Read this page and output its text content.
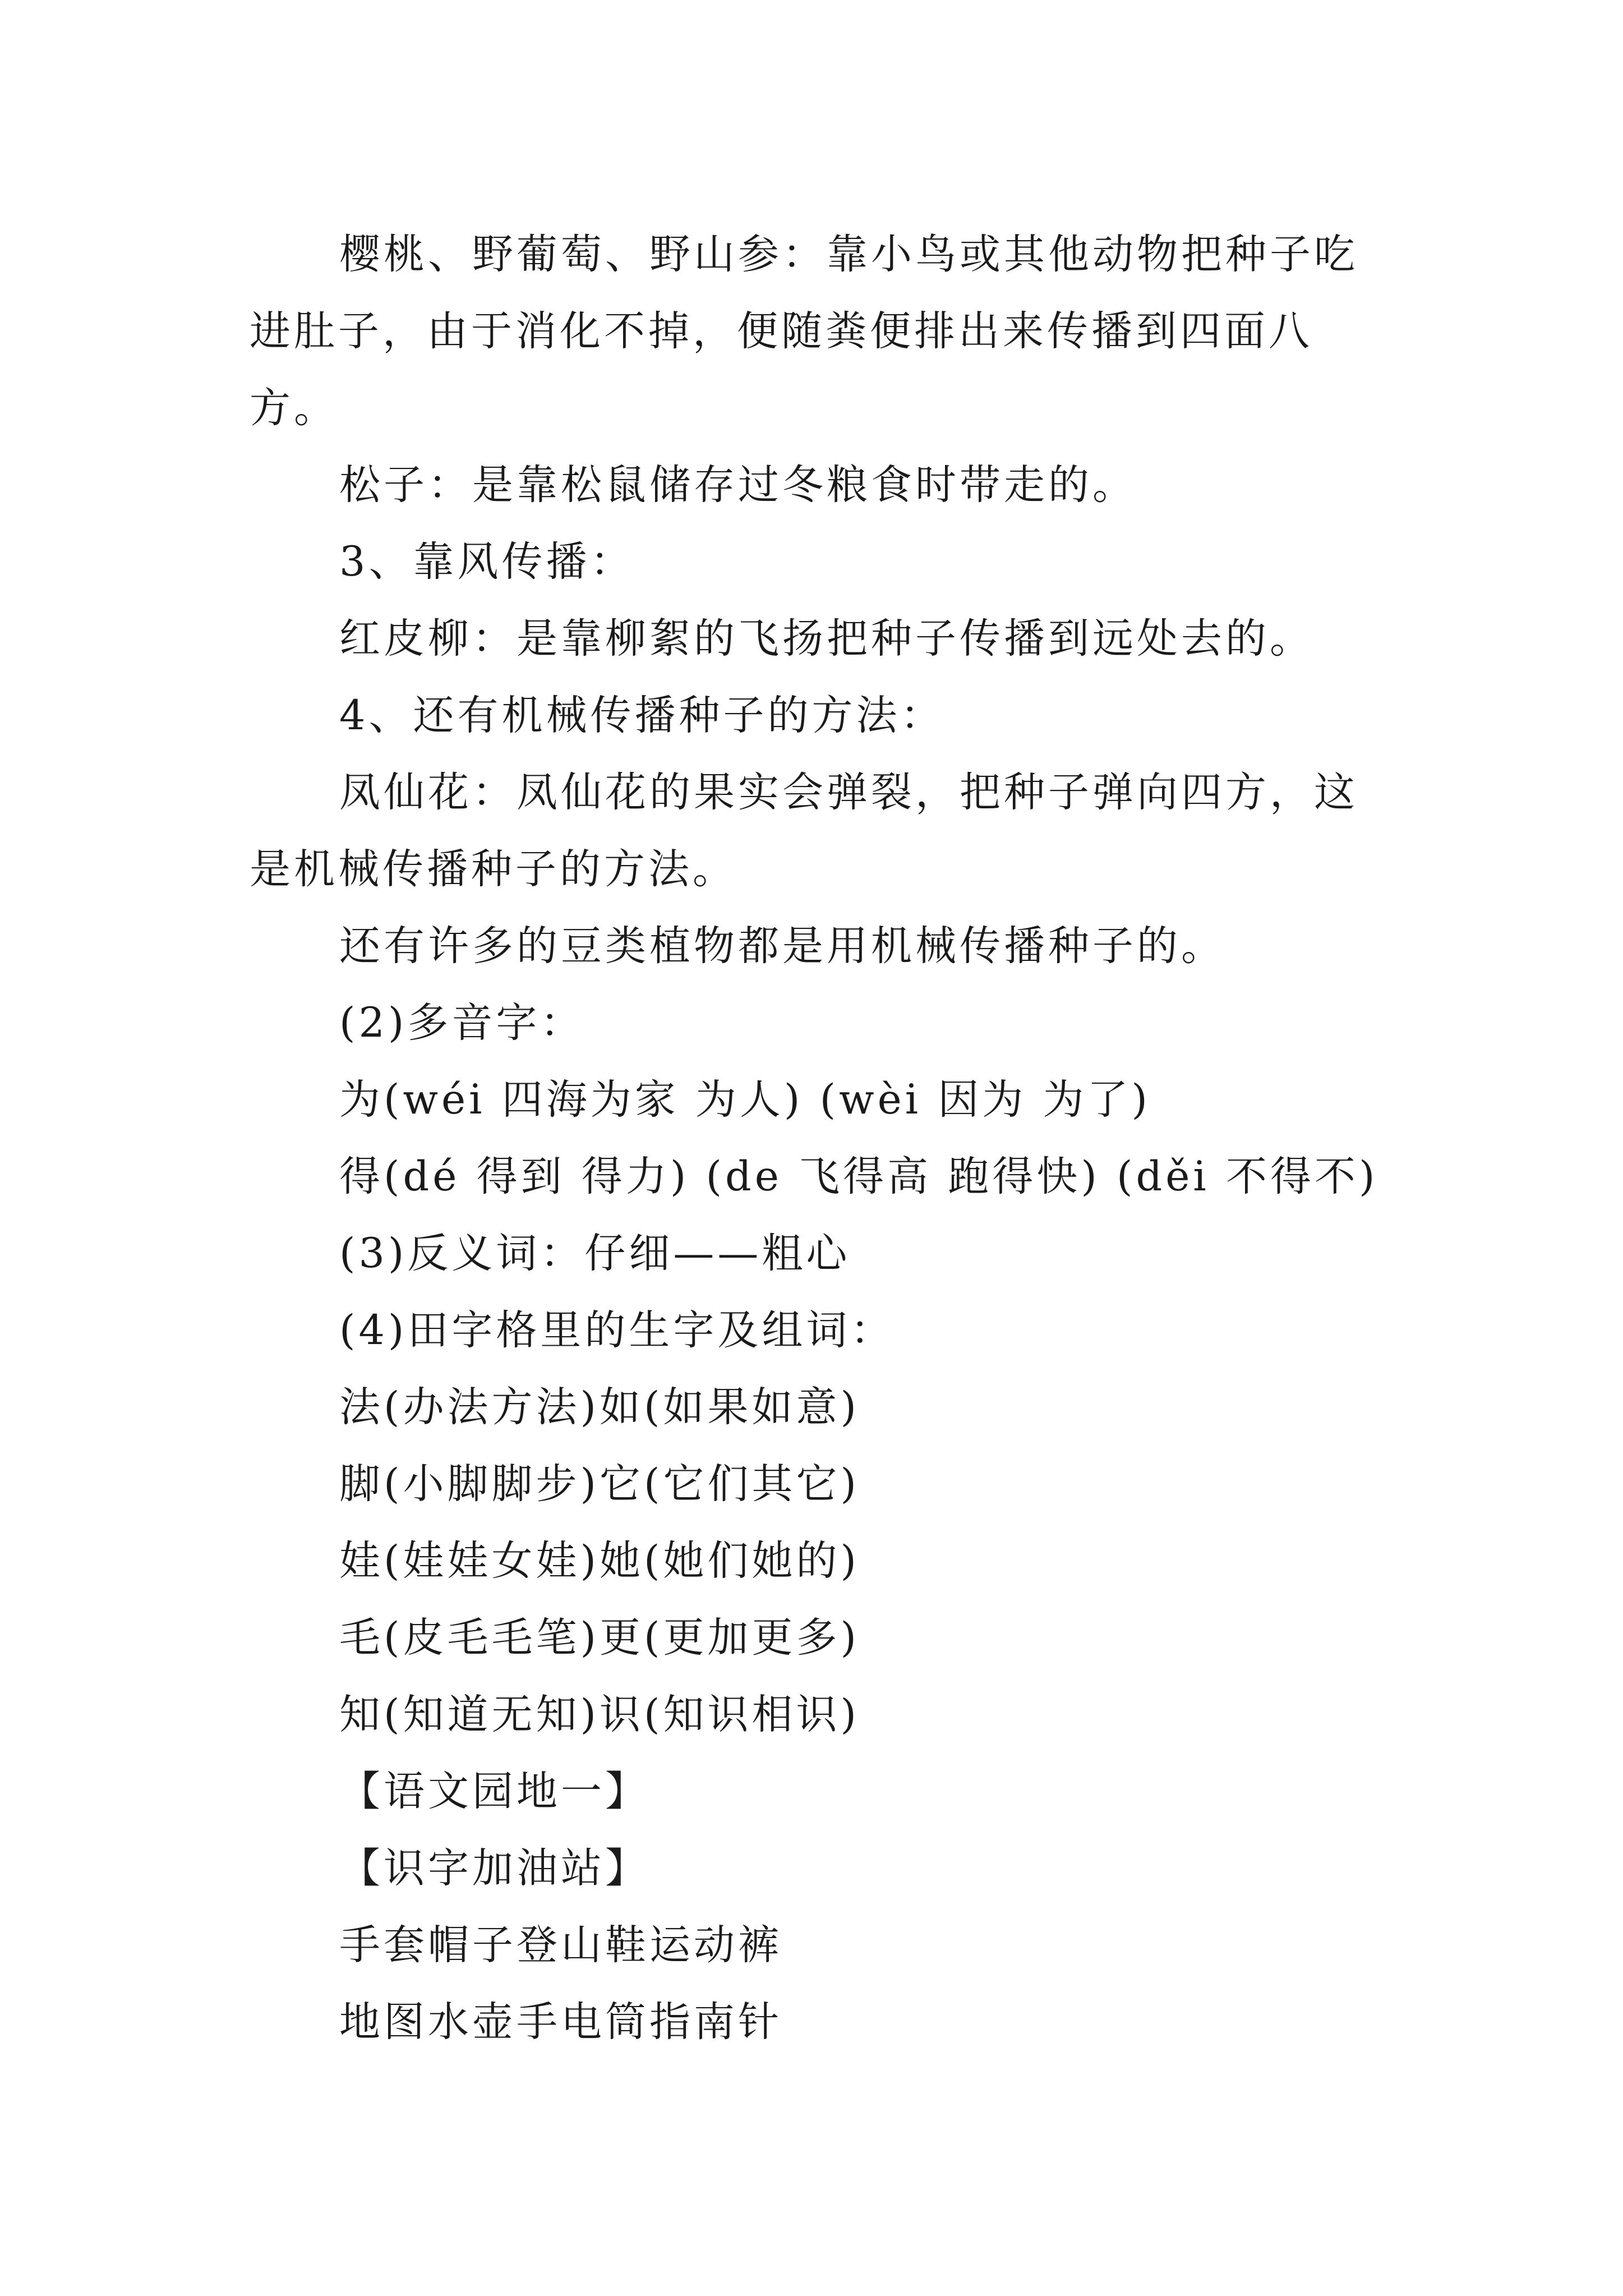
樱桃、野葡萄、野山参：靠小鸟或其他动物把种子吃进肚子，由于消化不掉，便随粪便排出来传播到四面八方。

松子：是靠松鼠储存过冬粮食时带走的。

3、靠风传播：

红皮柳：是靠柳絮的飞扬把种子传播到远处去的。

4、还有机械传播种子的方法：

凤仙花：凤仙花的果实会弹裂，把种子弹向四方，这是机械传播种子的方法。

还有许多的豆类植物都是用机械传播种子的。

(2)多音字：

为(wéi 四海为家 为人) (wèi 因为 为了)

得(dé 得到 得力) (de 飞得高 跑得快) (děi 不得不)

(3)反义词：仔细——粗心

(4)田字格里的生字及组词：

法(办法方法)如(如果如意)

脚(小脚脚步)它(它们其它)

娃(娃娃女娃)她(她们她的)

毛(皮毛毛笔)更(更加更多)

知(知道无知)识(知识相识)

【语文园地一】

【识字加油站】

手套帽子登山鞋运动裤

地图水壶手电筒指南针
